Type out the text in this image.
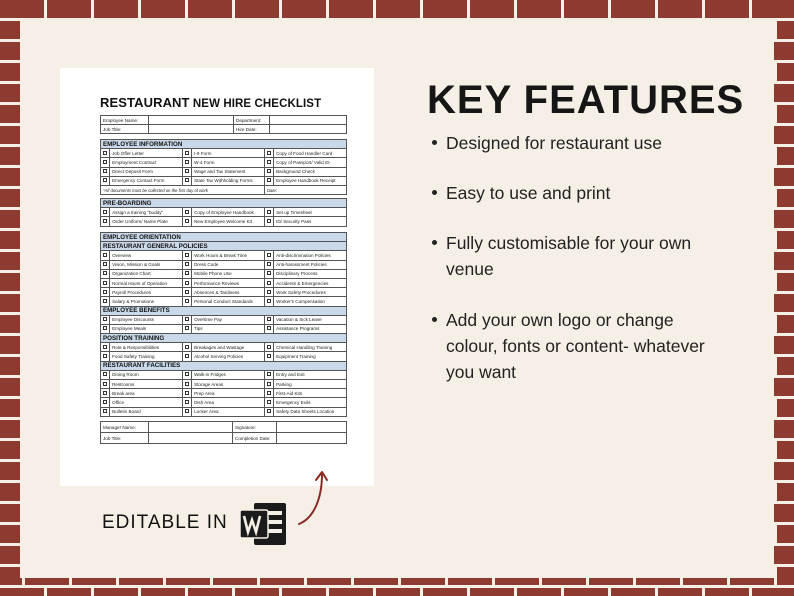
RESTAURANT NEW HIRE CHECKLIST
Employee Name:		Department:	
Job Title:		Hire Date:	
EMPLOYEE INFORMATION					
	Job Offer Letter		I-9 Form		Copy of Food Handler Card
	Employment Contract		W-4 Form		Copy of Passport/ Valid ID
	Direct Deposit Form		Wage and Tax Statement		Background Check
	Emergency Contact Form		State Tax Withholding Forms		Employee Handbook Receipt
*All documents must be collected on the first day of work				Date:	
PRE-BOARDING					
	Assign a training "buddy"		Copy of Employee Handbook		Set up Timesheet
	Order Uniform/ Name Plate		New Employee Welcome Kit		ID/ Security Pass
EMPLOYEE ORIENTATION					
RESTAURANT GENERAL POLICIES					
	Overview		Work Hours & Break Time		Anti-discrimination Policies
	Vision, Mission & Goals		Dress Code		Anti-harassment Policies
	Organization Chart		Mobile Phone Use		Disciplinary Process
	Normal Hours of Operation		Performance Reviews		Accidents & Emergencies
	Payroll Procedures		Absences & Tardiness		Work Safety Procedures
	Salary & Promotions		Personal Conduct Standards		Worker's Compensation
EMPLOYEE BENEFITS					
	Employee Discounts		Overtime Pay		Vacation & Sick Leave
	Employee Meals		Tips		Assistance Programs
POSITION TRAINING					
	Role & Responsibilities		Breakages and Wastage		Chemical Handling Training
	Food Safety Training		Alcohol Serving Policies		Equipment Training
RESTAURANT FACILITIES					
	Dining Room		Walk-in Fridges		Entry and Exit
	Restrooms		Storage Areas		Parking
	Break area		Prep Area		First-Aid Kits
	Office		Dish Area		Emergency Exits
	Bulletin Board		Locker Area		Safety Data Sheets Location
Manager Name:		Signature:	
Job Title:		Completion Date:	
KEY FEATURES
Designed for restaurant use
Easy to use and print
Fully customisable for your own venue
Add your own logo or change colour, fonts or content- whatever you want
EDITABLE IN
